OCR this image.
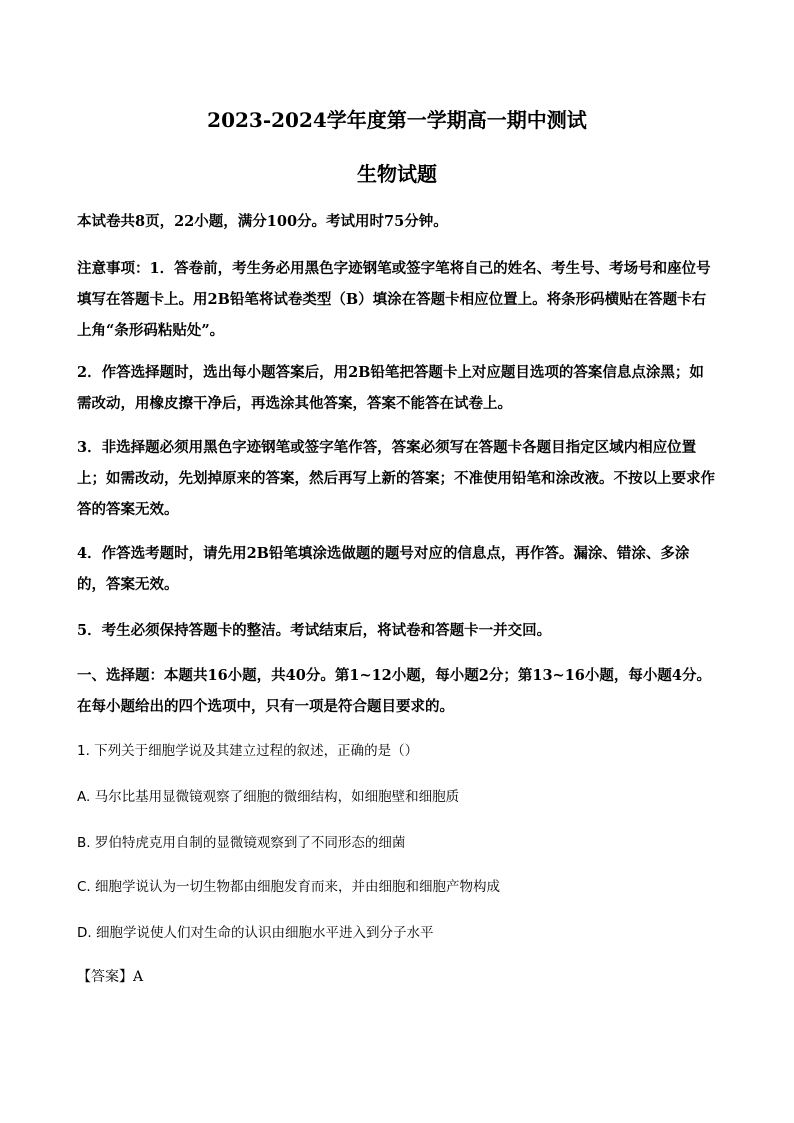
2023-2024学年度第一学期高一期中测试
生物试题
本试卷共8页，22小题，满分100分。考试用时75分钟。
注意事项：1．答卷前，考生务必用黑色字迹钢笔或签字笔将自己的姓名、考生号、考场号和座位号填写在答题卡上。用2B铅笔将试卷类型（B）填涂在答题卡相应位置上。将条形码横贴在答题卡右上角“条形码粘贴处”。
2．作答选择题时，选出每小题答案后，用2B铅笔把答题卡上对应题目选项的答案信息点涂黑；如需改动，用橡皮擦干净后，再选涂其他答案，答案不能答在试卷上。
3．非选择题必须用黑色字迹钢笔或签字笔作答，答案必须写在答题卡各题目指定区域内相应位置上；如需改动，先划掉原来的答案，然后再写上新的答案；不准使用铅笔和涂改液。不按以上要求作答的答案无效。
4．作答选考题时，请先用2B铅笔填涂选做题的题号对应的信息点，再作答。漏涂、错涂、多涂的，答案无效。
5．考生必须保持答题卡的整洁。考试结束后，将试卷和答题卡一并交回。
一、选择题：本题共16小题，共40分。第1~12小题，每小题2分；第13~16小题，每小题4分。在每小题给出的四个选项中，只有一项是符合题目要求的。
1. 下列关于细胞学说及其建立过程的叙述，正确的是（）
A. 马尔比基用显微镜观察了细胞的微细结构，如细胞壁和细胞质
B. 罗伯特虎克用自制的显微镜观察到了不同形态的细菌
C. 细胞学说认为一切生物都由细胞发育而来，并由细胞和细胞产物构成
D. 细胞学说使人们对生命的认识由细胞水平进入到分子水平
【答案】A
